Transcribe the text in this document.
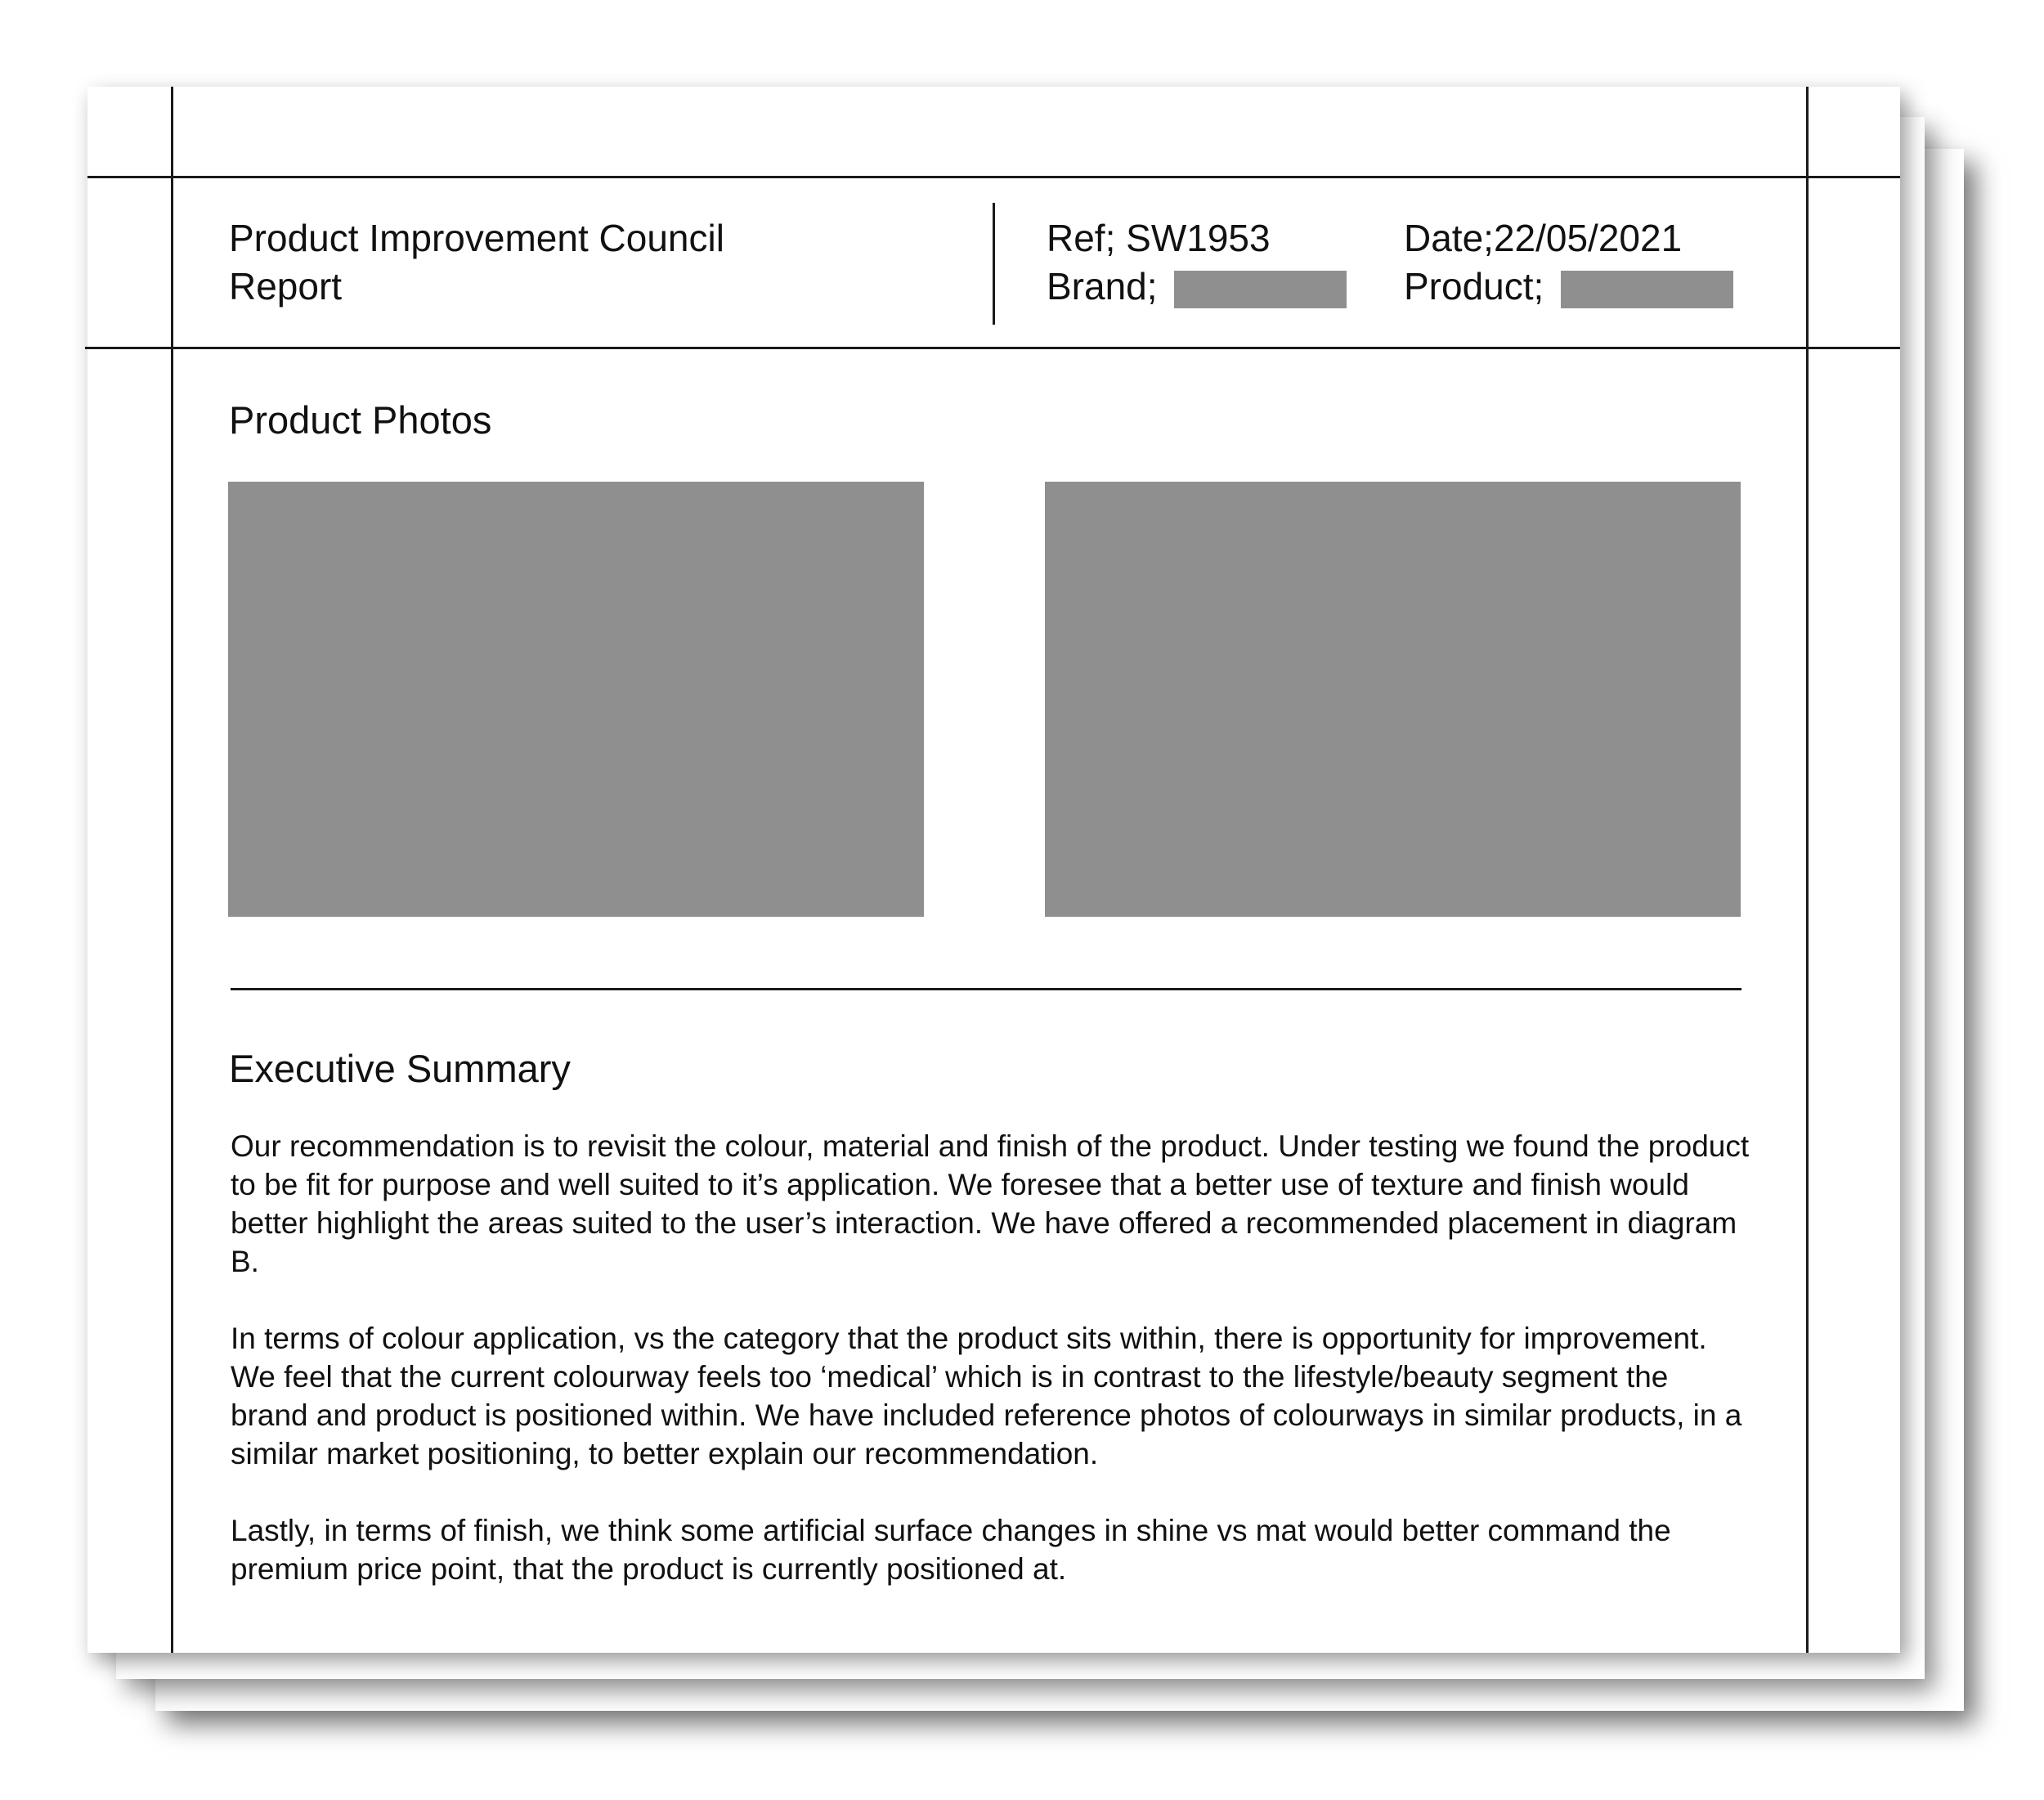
Product Improvement Council
Report
Ref; SW1953	Date;22/05/2021
Brand;	Product;
Product Photos
Executive Summary
Our recommendation is to revisit the colour, material and finish of the product. Under testing we found the product to be fit for purpose and well suited to it’s application. We foresee that a better use of texture and finish would better highlight the areas suited to the user’s interaction. We have offered a recommended placement in diagram B.
In terms of colour application, vs the category that the product sits within, there is opportunity for improvement. We feel that the current colourway feels too ‘medical’ which is in contrast to the lifestyle/beauty segment the brand and product is positioned within. We have included reference photos of colourways in similar products, in a similar market positioning, to better explain our recommendation.
Lastly, in terms of finish, we think some artificial surface changes in shine vs mat would better command the premium price point, that the product is currently positioned at.
